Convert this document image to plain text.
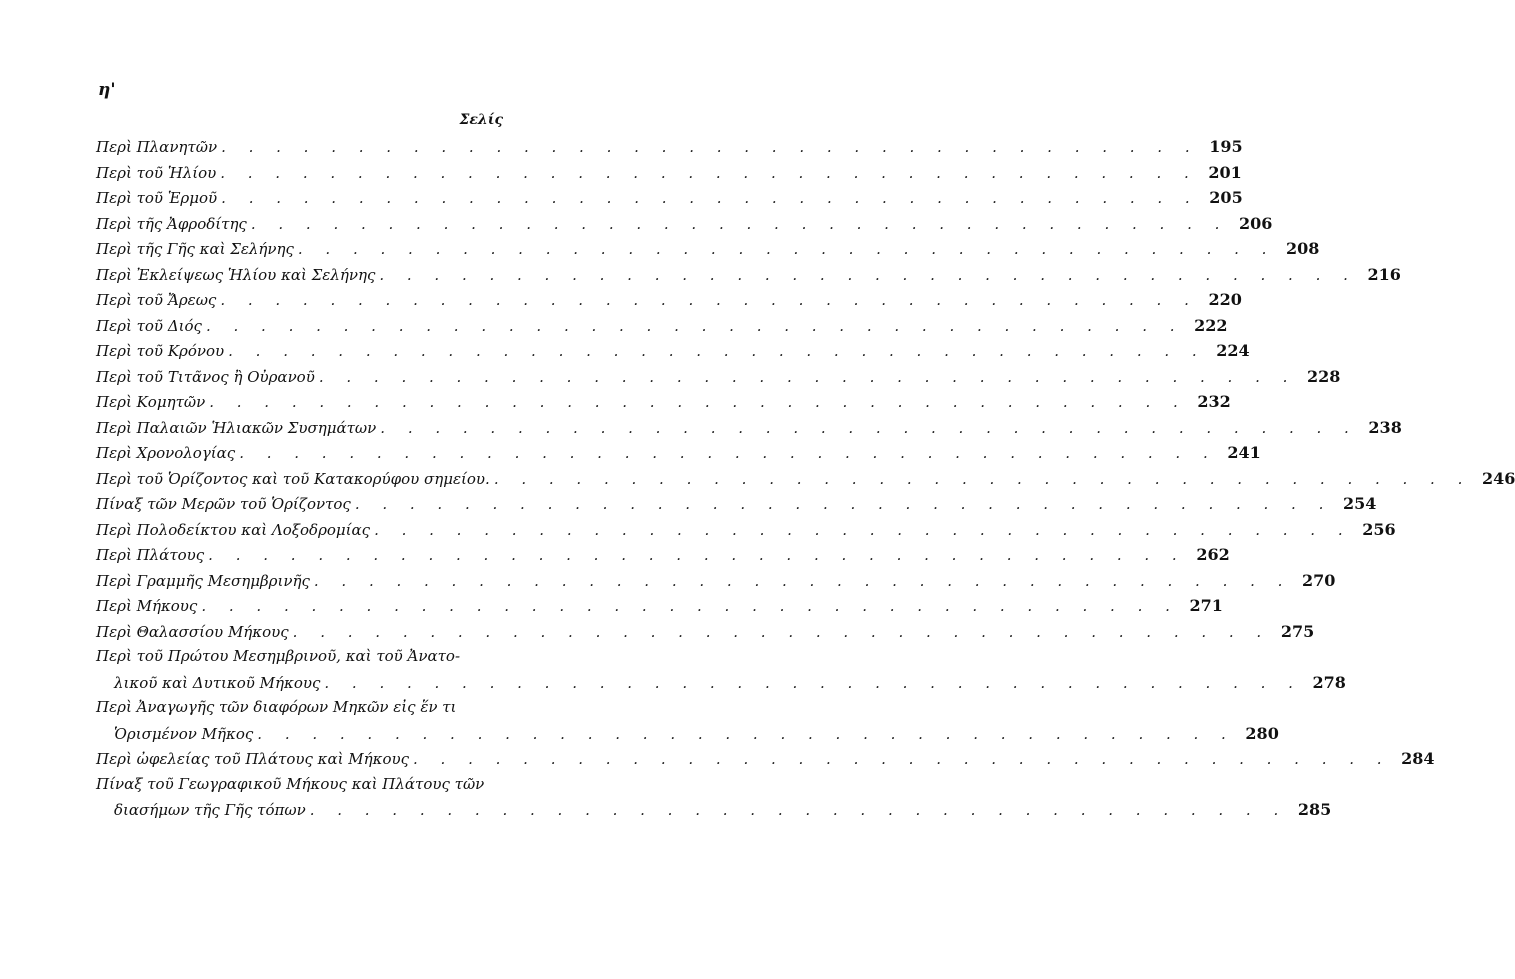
η'
Σελίς
Περὶ Πλανητῶν . . .	195
Περὶ τοῦ Ἡλίου . . .	201
Περὶ τοῦ Ἑρμοῦ . . .	205
Περὶ τῆς Ἀφροδίτης . . .	206
Περὶ τῆς Γῆς καὶ Σελήνης . . .	208
Περὶ Ἐκλείψεως Ἡλίου καὶ Σελήνης . . .	216
Περὶ τοῦ Ἄρεως . . .	220
Περὶ τοῦ Διός . . .	222
Περὶ τοῦ Κρόνου . . .	224
Περὶ τοῦ Τιτᾶνος ἢ Οὐρανοῦ . . .	228
Περὶ Κομητῶν . . .	232
Περὶ Παλαιῶν Ἡλιακῶν Συσημάτων . . .	238
Περὶ Χρονολογίας . . .	241
Περὶ τοῦ Ὁρίζοντος καὶ τοῦ Κατακορύφου σημείου. . . .	246
Πίναξ τῶν Μερῶν τοῦ Ὁρίζοντος . . .	254
Περὶ Πολοδείκτου καὶ Λοξοδρομίας . . .	256
Περὶ Πλάτους . . .	262
Περὶ Γραμμῆς Μεσημβρινῆς . . .	270
Περὶ Μήκους . . .	271
Περὶ Θαλασσίου Μήκους . . .	275
Περὶ τοῦ Πρώτου Μεσημβρινοῦ, καὶ τοῦ Ἀνατο-
λικοῦ καὶ Δυτικοῦ Μήκους . . .	278
Περὶ Ἀναγωγῆς τῶν διαφόρων Μηκῶν εἰς ἕν τι
Ὁρισμένον Μῆκος . . .	280
Περὶ ὠφελείας τοῦ Πλάτους καὶ Μήκους . . .	284
Πίναξ τοῦ Γεωγραφικοῦ Μήκους καὶ Πλάτους τῶν
διασήμων τῆς Γῆς τόπων . . .	285
